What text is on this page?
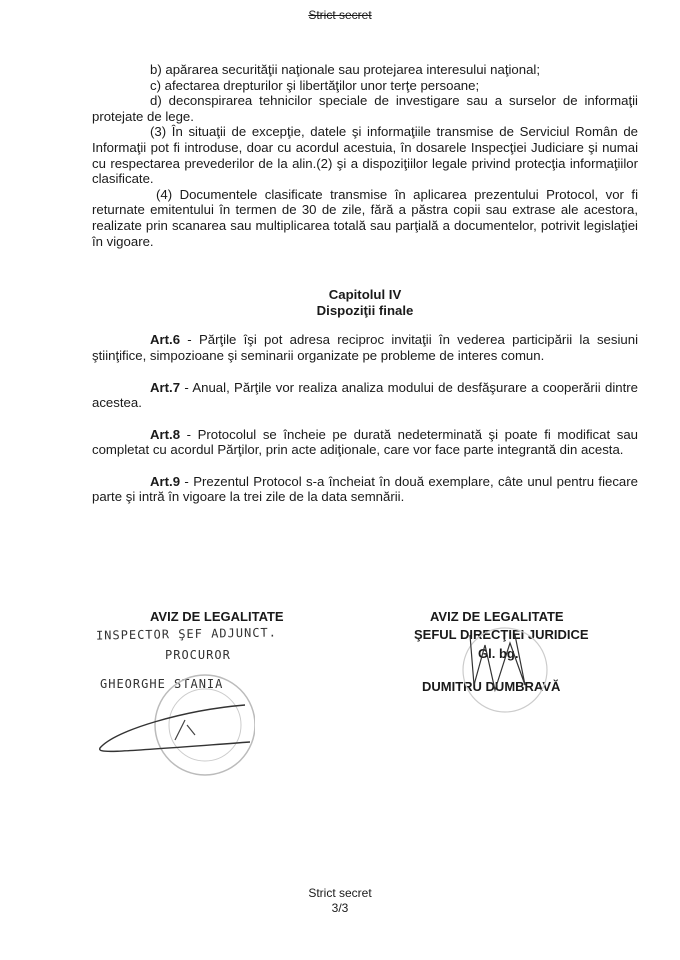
Strict secret

b) apărarea securităţii naţionale sau protejarea interesului naţional;

c) afectarea drepturilor şi libertăţilor unor terţe persoane;

d) deconspirarea tehnicilor speciale de investigare sau a surselor de informaţii protejate de lege.

(3) În situaţii de excepţie, datele şi informaţiile transmise de Serviciul Român de Informaţii pot fi introduse, doar cu acordul acestuia, în dosarele Inspecţiei Judiciare şi numai cu respectarea prevederilor de la alin.(2) şi a dispoziţiilor legale privind protecţia informaţiilor clasificate.

(4) Documentele clasificate transmise în aplicarea prezentului Protocol, vor fi returnate emitentului în termen de 30 de zile, fără a păstra copii sau extrase ale acestora, realizate prin scanarea sau multiplicarea totală sau parţială a documentelor, potrivit legislaţiei în vigoare.

Capitolul IV

Dispoziţii finale

Art.6 - Părţile îşi pot adresa reciproc invitaţii în vederea participării la sesiuni ştiinţifice, simpozioane şi seminarii organizate pe probleme de interes comun.

Art.7 - Anual, Părţile vor realiza analiza modului de desfăşurare a cooperării dintre acestea.

Art.8 - Protocolul se încheie pe durată nedeterminată şi poate fi modificat sau completat cu acordul Părţilor, prin acte adiţionale, care vor face parte integrantă din acesta.

Art.9 - Prezentul Protocol s-a încheiat în două exemplare, câte unul pentru fiecare parte şi intră în vigoare la trei zile de la data semnării.

AVIZ DE LEGALITATE
INSPECTOR ŞEF ADJUNCT.
PROCUROR
GHEORGHE STANIA
AVIZ DE LEGALITATE
ŞEFUL DIRECŢIEI JURIDICE
Gl. bg.
DUMITRU DUMBRAVĂ
Strict secret
3/3
